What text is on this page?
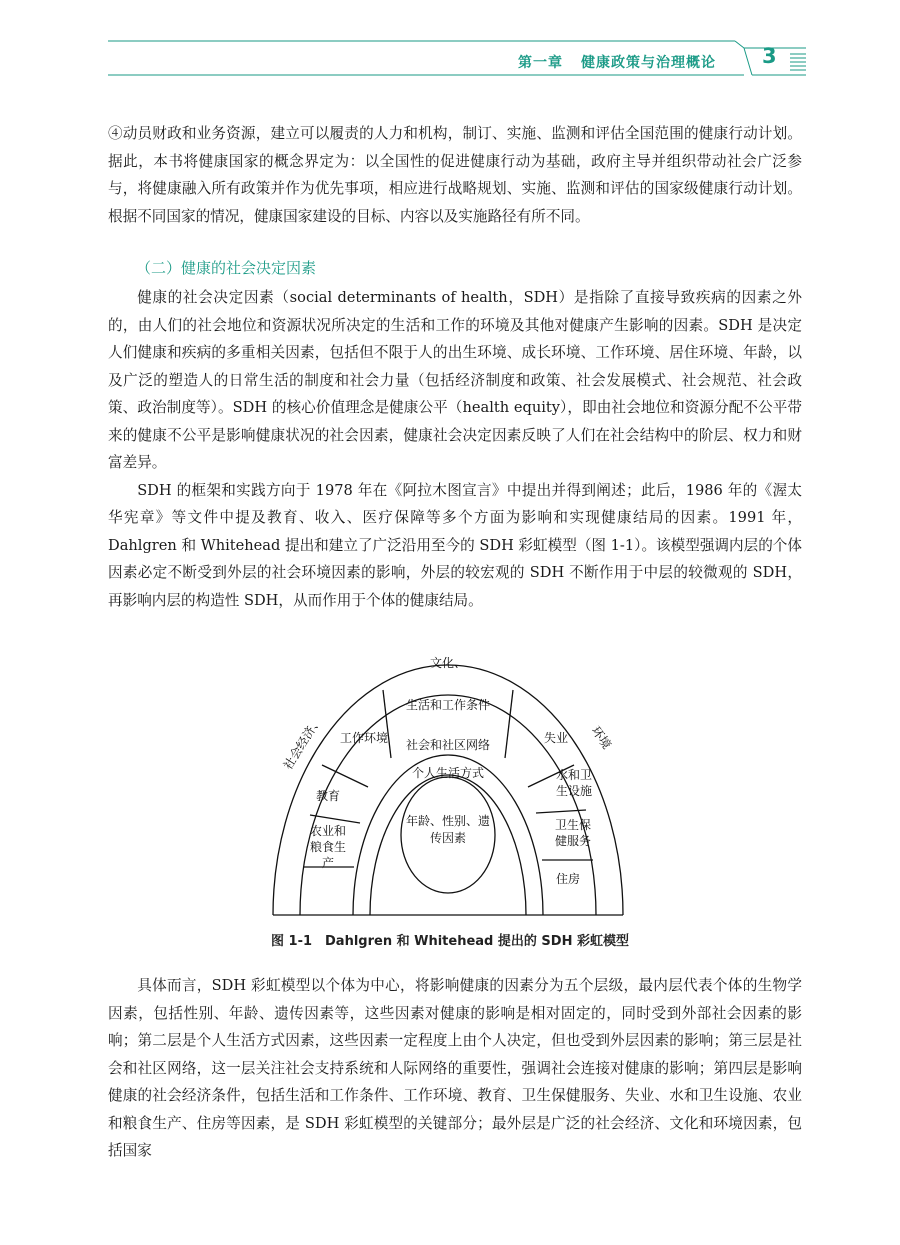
第一章 健康政策与治理概论 3

④动员财政和业务资源，建立可以履责的人力和机构，制订、实施、监测和评估全国范围的健康行动计划。据此，本书将健康国家的概念界定为：以全国性的促进健康行动为基础，政府主导并组织带动社会广泛参与，将健康融入所有政策并作为优先事项，相应进行战略规划、实施、监测和评估的国家级健康行动计划。根据不同国家的情况，健康国家建设的目标、内容以及实施路径有所不同。

（二）健康的社会决定因素

健康的社会决定因素（social determinants of health，SDH）是指除了直接导致疾病的因素之外的，由人们的社会地位和资源状况所决定的生活和工作的环境及其他对健康产生影响的因素。SDH 是决定人们健康和疾病的多重相关因素，包括但不限于人的出生环境、成长环境、工作环境、居住环境、年龄，以及广泛的塑造人的日常生活的制度和社会力量（包括经济制度和政策、社会发展模式、社会规范、社会政策、政治制度等）。SDH 的核心价值理念是健康公平（health equity），即由社会地位和资源分配不公平带来的健康不公平是影响健康状况的社会因素，健康社会决定因素反映了人们在社会结构中的阶层、权力和财富差异。

SDH 的框架和实践方向于 1978 年在《阿拉木图宣言》中提出并得到阐述；此后，1986 年的《渥太华宪章》等文件中提及教育、收入、医疗保障等多个方面为影响和实现健康结局的因素。1991 年，Dahlgren 和 Whitehead 提出和建立了广泛沿用至今的 SDH 彩虹模型（图 1-1）。该模型强调内层的个体因素必定不断受到外层的社会环境因素的影响，外层的较宏观的 SDH 不断作用于中层的较微观的 SDH，再影响内层的构造性 SDH，从而作用于个体的健康结局。

文化、
社会经济、	环境
生活和工作条件
工作环境
教育
失业
社会和社区网络
个人生活方式
年龄、性别、遗传因素
农业和粮食生产
水和卫生设施
卫生保健服务
住房
图 1-1　Dahlgren 和 Whitehead 提出的 SDH 彩虹模型

具体而言，SDH 彩虹模型以个体为中心，将影响健康的因素分为五个层级，最内层代表个体的生物学因素，包括性别、年龄、遗传因素等，这些因素对健康的影响是相对固定的，同时受到外部社会因素的影响；第二层是个人生活方式因素，这些因素一定程度上由个人决定，但也受到外层因素的影响；第三层是社会和社区网络，这一层关注社会支持系统和人际网络的重要性，强调社会连接对健康的影响；第四层是影响健康的社会经济条件，包括生活和工作条件、工作环境、教育、卫生保健服务、失业、水和卫生设施、农业和粮食生产、住房等因素，是 SDH 彩虹模型的关键部分；最外层是广泛的社会经济、文化和环境因素，包括国家
